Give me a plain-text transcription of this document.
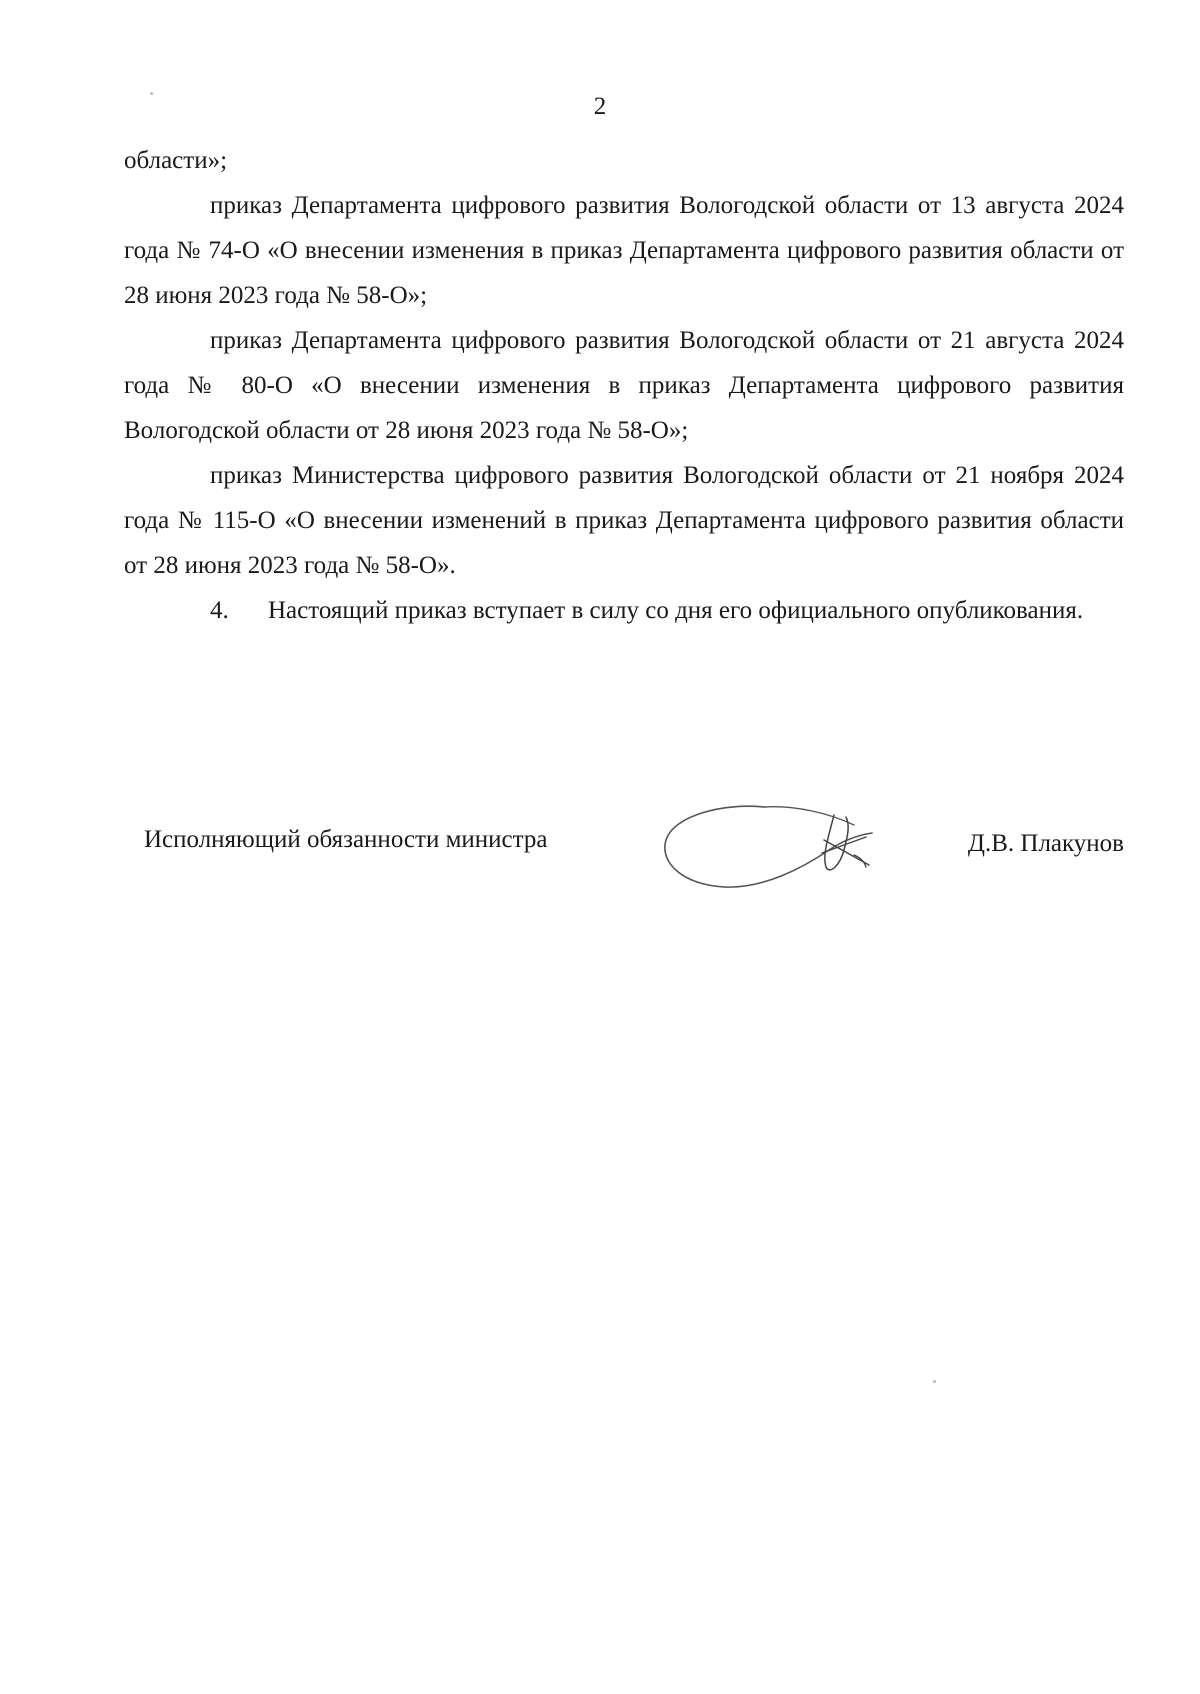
2

области»;

приказ Департамента цифрового развития Вологодской области от 13 августа 2024 года № 74-О «О внесении изменения в приказ Департамента цифрового развития области от 28 июня 2023 года № 58-О»;

приказ Департамента цифрового развития Вологодской области от 21 августа 2024 года № 80-О «О внесении изменения в приказ Департамента цифрового развития Вологодской области от 28 июня 2023 года № 58-О»;

приказ Министерства цифрового развития Вологодской области от 21 ноября 2024 года № 115-О «О внесении изменений в приказ Департамента цифрового развития области от 28 июня 2023 года № 58-О».

4. Настоящий приказ вступает в силу со дня его официального опубликования.

Исполняющий обязанности министра	Д.В. Плакунов
